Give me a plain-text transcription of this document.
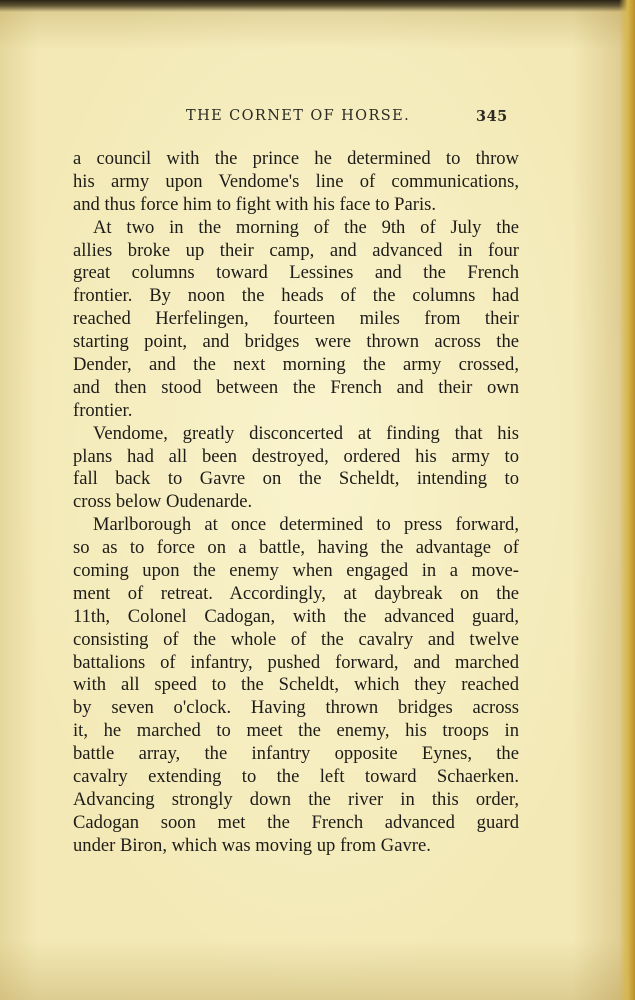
THE CORNET OF HORSE.	345
a council with the prince he determined to throw
his army upon Vendome's line of communications,
and thus force him to fight with his face to Paris.
At two in the morning of the 9th of July the
allies broke up their camp, and advanced in four
great columns toward Lessines and the French
frontier. By noon the heads of the columns had
reached Herfelingen, fourteen miles from their
starting point, and bridges were thrown across the
Dender, and the next morning the army crossed,
and then stood between the French and their own
frontier.
Vendome, greatly disconcerted at finding that his
plans had all been destroyed, ordered his army to
fall back to Gavre on the Scheldt, intending to
cross below Oudenarde.
Marlborough at once determined to press forward,
so as to force on a battle, having the advantage of
coming upon the enemy when engaged in a move-
ment of retreat. Accordingly, at daybreak on the
11th, Colonel Cadogan, with the advanced guard,
consisting of the whole of the cavalry and twelve
battalions of infantry, pushed forward, and marched
with all speed to the Scheldt, which they reached
by seven o'clock. Having thrown bridges across
it, he marched to meet the enemy, his troops in
battle array, the infantry opposite Eynes, the
cavalry extending to the left toward Schaerken.
Advancing strongly down the river in this order,
Cadogan soon met the French advanced guard
under Biron, which was moving up from Gavre.
